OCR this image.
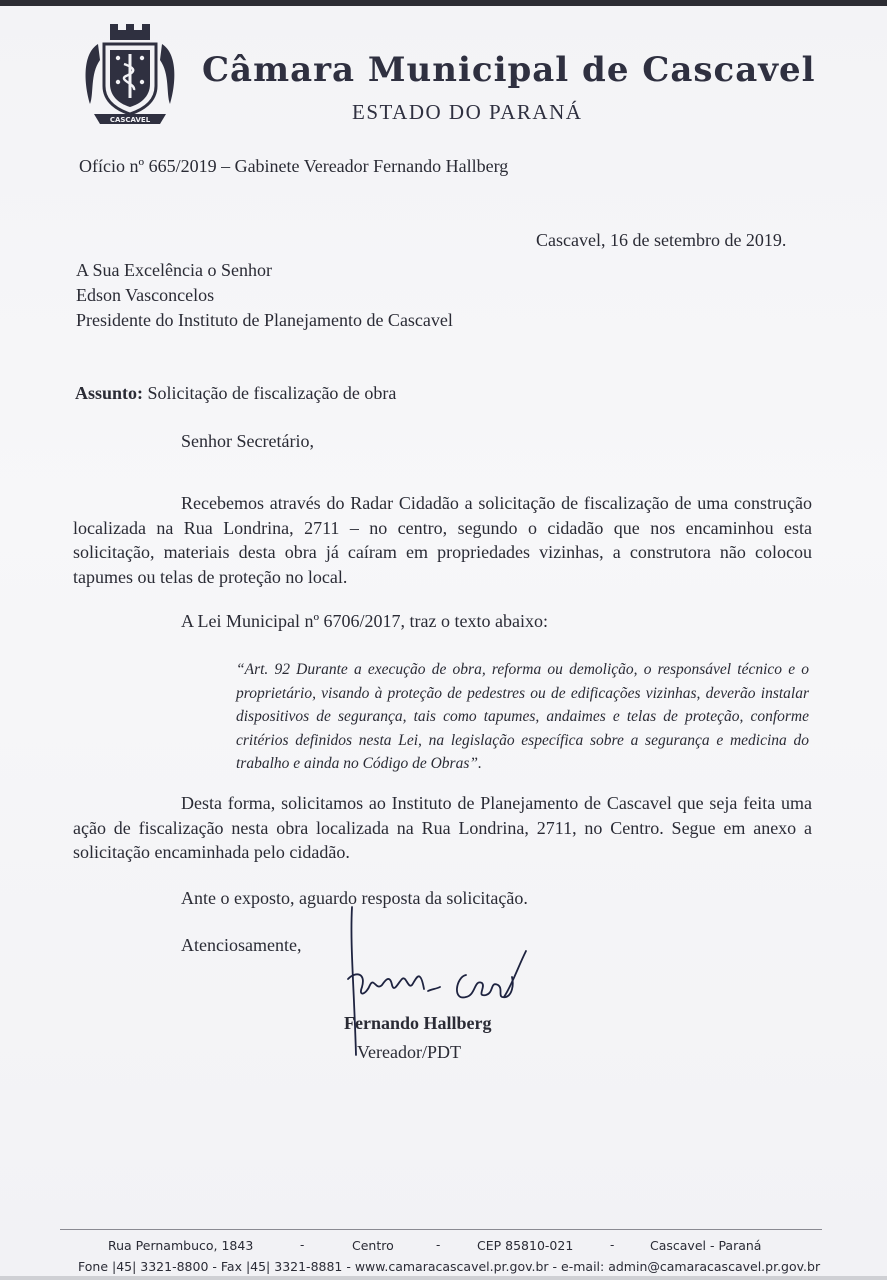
CASCAVEL
Câmara Municipal de Cascavel
ESTADO DO PARANÁ
Ofício nº 665/2019 – Gabinete Vereador Fernando Hallberg
Cascavel, 16 de setembro de 2019.
A Sua Excelência o Senhor
Edson Vasconcelos
Presidente do Instituto de Planejamento de Cascavel
Assunto: Solicitação de fiscalização de obra
Senhor Secretário,
Recebemos através do Radar Cidadão a solicitação de fiscalização de uma construção localizada na Rua Londrina, 2711 – no centro, segundo o cidadão que nos encaminhou esta solicitação, materiais desta obra já caíram em propriedades vizinhas, a construtora não colocou tapumes ou telas de proteção no local.
A Lei Municipal nº 6706/2017, traz o texto abaixo:
“Art. 92 Durante a execução de obra, reforma ou demolição, o responsável técnico e o proprietário, visando à proteção de pedestres ou de edificações vizinhas, deverão instalar dispositivos de segurança, tais como tapumes, andaimes e telas de proteção, conforme critérios definidos nesta Lei, na legislação específica sobre a segurança e medicina do trabalho e ainda no Código de Obras”.
Desta forma, solicitamos ao Instituto de Planejamento de Cascavel que seja feita uma ação de fiscalização nesta obra localizada na Rua Londrina, 2711, no Centro. Segue em anexo a solicitação encaminhada pelo cidadão.
Ante o exposto, aguardo resposta da solicitação.
Atenciosamente,
Fernando Hallberg
Vereador/PDT
Rua Pernambuco, 1843	-	Centro	-	CEP 85810-021	-	Cascavel - Paraná
Fone |45| 3321-8800 - Fax |45| 3321-8881 - www.camaracascavel.pr.gov.br - e-mail: admin@camaracascavel.pr.gov.br
